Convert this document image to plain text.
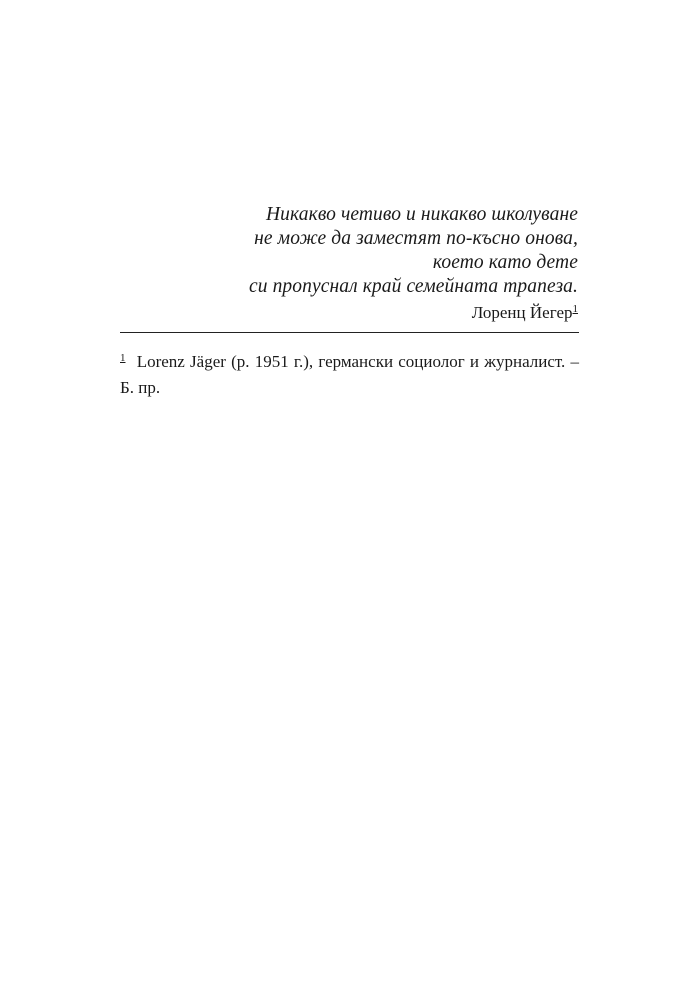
Никакво четиво и никакво школуване
не може да заместят по-късно онова,
което като дете
си пропуснал край семейната трапеза.
Лоренц Йегер$^1$
$^1$ Lorenz Jäger (р. 1951 г.), германски социолог и журналист. – Б. пр.
